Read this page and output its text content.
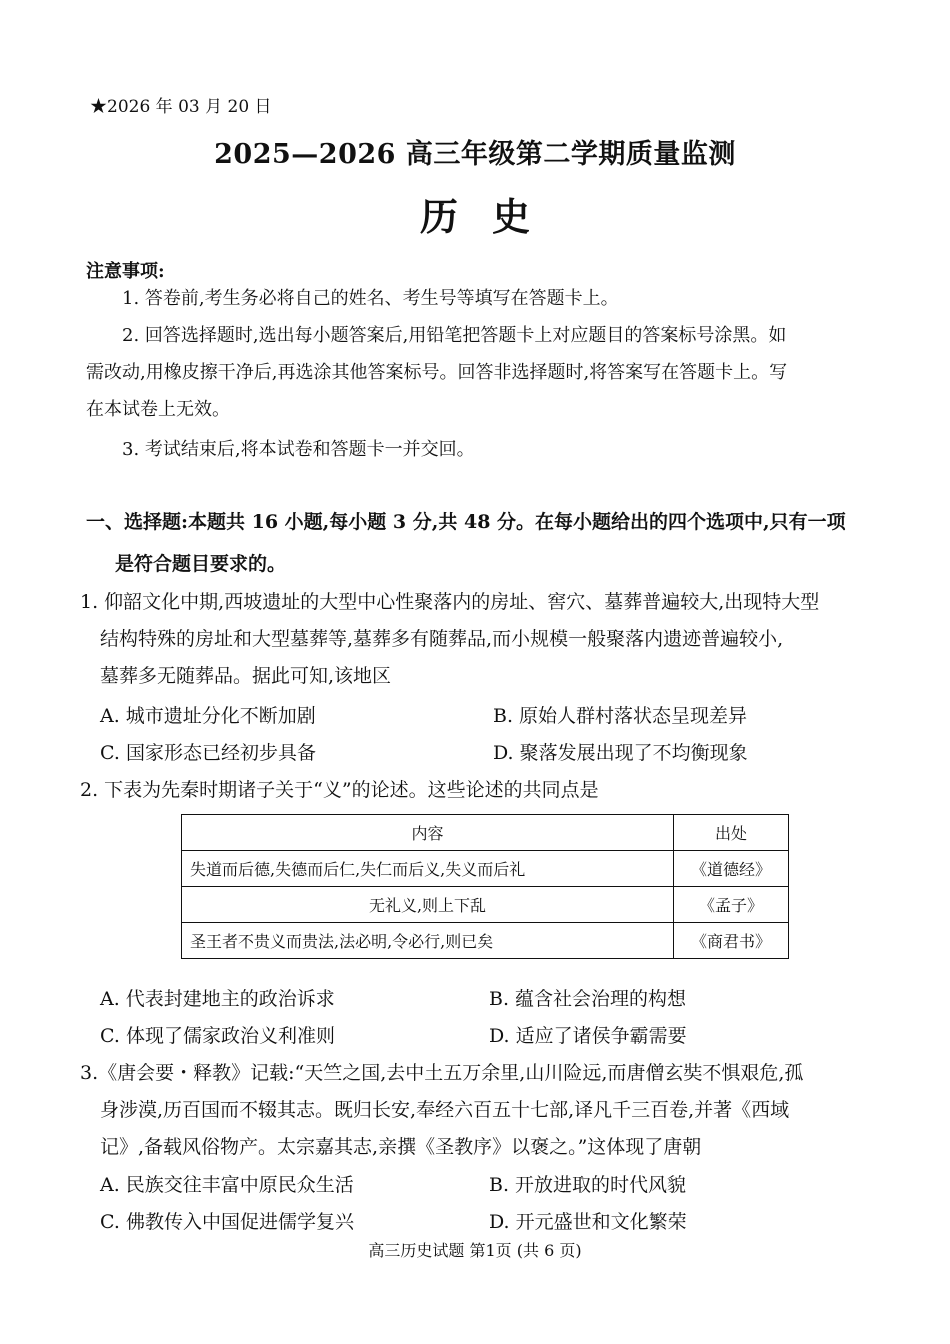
★2026 年 03 月 20 日
2025—2026 高三年级第二学期质量监测
历史
注意事项:
1. 答卷前,考生务必将自己的姓名、考生号等填写在答题卡上。
2. 回答选择题时,选出每小题答案后,用铅笔把答题卡上对应题目的答案标号涂黑。如
需改动,用橡皮擦干净后,再选涂其他答案标号。回答非选择题时,将答案写在答题卡上。写
在本试卷上无效。
3. 考试结束后,将本试卷和答题卡一并交回。
一、选择题:本题共 16 小题,每小题 3 分,共 48 分。在每小题给出的四个选项中,只有一项
是符合题目要求的。
1. 仰韶文化中期,西坡遗址的大型中心性聚落内的房址、窖穴、墓葬普遍较大,出现特大型
结构特殊的房址和大型墓葬等,墓葬多有随葬品,而小规模一般聚落内遗迹普遍较小,
墓葬多无随葬品。据此可知,该地区
A. 城市遗址分化不断加剧	B. 原始人群村落状态呈现差异
C. 国家形态已经初步具备	D. 聚落发展出现了不均衡现象
2. 下表为先秦时期诸子关于“义”的论述。这些论述的共同点是
内容	出处
失道而后德,失德而后仁,失仁而后义,失义而后礼	《道德经》
无礼义,则上下乱	《孟子》
圣王者不贵义而贵法,法必明,令必行,则已矣	《商君书》
A. 代表封建地主的政治诉求	B. 蕴含社会治理的构想
C. 体现了儒家政治义利准则	D. 适应了诸侯争霸需要
3.《唐会要・释教》记载:“天竺之国,去中土五万余里,山川险远,而唐僧玄奘不惧艰危,孤
身涉漠,历百国而不辍其志。既归长安,奉经六百五十七部,译凡千三百卷,并著《西域
记》,备载风俗物产。太宗嘉其志,亲撰《圣教序》以褒之。”这体现了唐朝
A. 民族交往丰富中原民众生活	B. 开放进取的时代风貌
C. 佛教传入中国促进儒学复兴	D. 开元盛世和文化繁荣
高三历史试题 第1页 (共 6 页)
